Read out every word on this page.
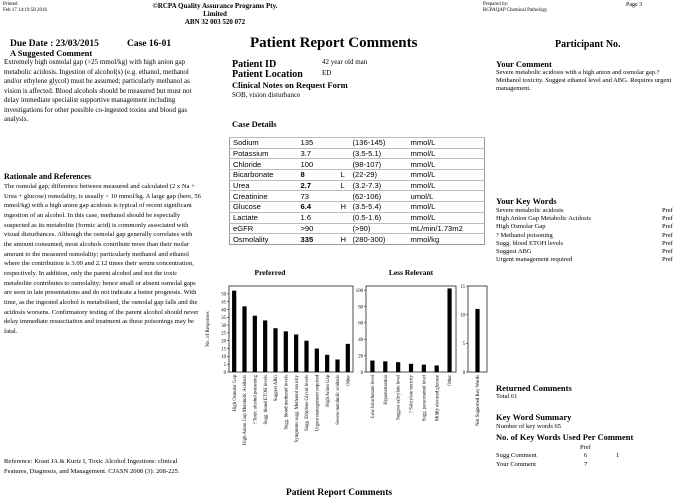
Printed
Feb 17 14:19:58 2016
©RCPA Quality Assurance Programs Pty. Limited
ABN 32 003 520 072
Prepared by:
RCPAQAP Chemical Pathology
Page 3
Due Date : 23/03/2015	Case 16-01
A Suggested Comment
Extremely high osmolal gap (>25 mmol/kg) with high anion gap metabolic acidosis. Ingestion of alcohol(s) (e.g. ethanol, methanol and/or ethylene glycol) must be assumed; particularly methanol as vision is affected. Blood alcohols should be measured but must not delay immediate specialist supportive management including investigations for other possible co-ingested toxins and blood gas analysis.
Rationale and References
The osmolal gap; difference between measured and calculated (2 x Na + Urea + glucose) osmolality, is usually < 10 mmol/kg. A large gap (here, 56 mmol/kg) with a high anion gap acidosis is typical of recent significant ingestion of an alcohol. In this case, methanol should be especially suspected as its metabolite (formic acid) is commonly associated with visual disturbances. Although the osmolal gap generally correlates with the amount consumed, most alcohols contribute more than their molar amount to the measured osmolality; particularly methanol and ethanol where the contribution is 3.09 and 2.12 times their serum concentration, respectively. In addition, only the parent alcohol and not the toxic metabolite contributes to osmolality; hence small or absent osmolal gaps are seen in late presentations and do not indicate a better prognosis. With time, as the ingested alcohol is metabolised, the osmolal gap falls and the acidosis worsens. Confirmatory testing of the parent alcohol should never delay immediate resuscitation and treatment as these poisonings may be fatal.
Reference: Kraut JA & Kurtz I, Toxic Alcohol Ingestions: clinical Features, Diagnosis, and Management. CJASN 2008 (3): 208-225.
Patient Report Comments	Participant No.
Patient ID	42 year old man
Patient Location	ED
Clinical Notes on Request Form
SOB, vision disturbance
Case Details
Sodium	135		(136-145)	mmol/L
Potassium	3.7		(3.5-5.1)	mmol/L
Chloride	100		(98-107)	mmol/L
Bicarbonate	8	L	(22-29)	mmol/L
Urea	2.7	L	(3.2-7.3)	mmol/L
Creatinine	73		(62-106)	umol/L
Glucose	6.4	H	(3.5-5.4)	mmol/L
Lactate	1.6		(0.5-1.6)	mmol/L
eGFR	>90		(>90)	mL/min/1.73m2
Osmolality	335	H	(280-300)	mmol/kg
Your Comment
Severe metabolic acidosis with a high anion and osmolar gap.?Methanol toxicity. Suggest ethanol level and ABG. Requires urgent management.
Your Key Words
Severe metabolic acidosis	Pref
High Anion Gap Metabolic Acidosis	Pref
High Osmolar Gap	Pref
? Methanol poisoning	Pref
Sugg. blood ETOH levels	Pref
Suggest ABG	Pref
Urgent management required	Pref
Preferred
0
5
10
15
20
25
30
35
40
45
50
High Osmolar Gap High Anion Gap Metabolic Acidosis ? Toxic alcohol poisoning Sugg. blood ETOH levels Suggest ABG Sugg. blood methanol levels Symptoms sugg. Methanol toxicity Sugg. Ethylene Glycol levels Urgent management required High Anion Gap Severe metabolic acidosis Other
No. of Responses
Less Relevant
0
20
40
60
80
100
Low bicarbonate level Hyponatraemia Suggest salicylate level ? Salicylate toxicity Sugg. paracetamol level Mildly elevated glucose Other
0
5
10
15
Not Supported Key Words Returned Comments
Total 61
Key Word Summary
Number of key words 65
No. of Key Words Used Per Comment
Pref
Sugg Comment	6	1
Your Comment	7
Patient Report Comments
